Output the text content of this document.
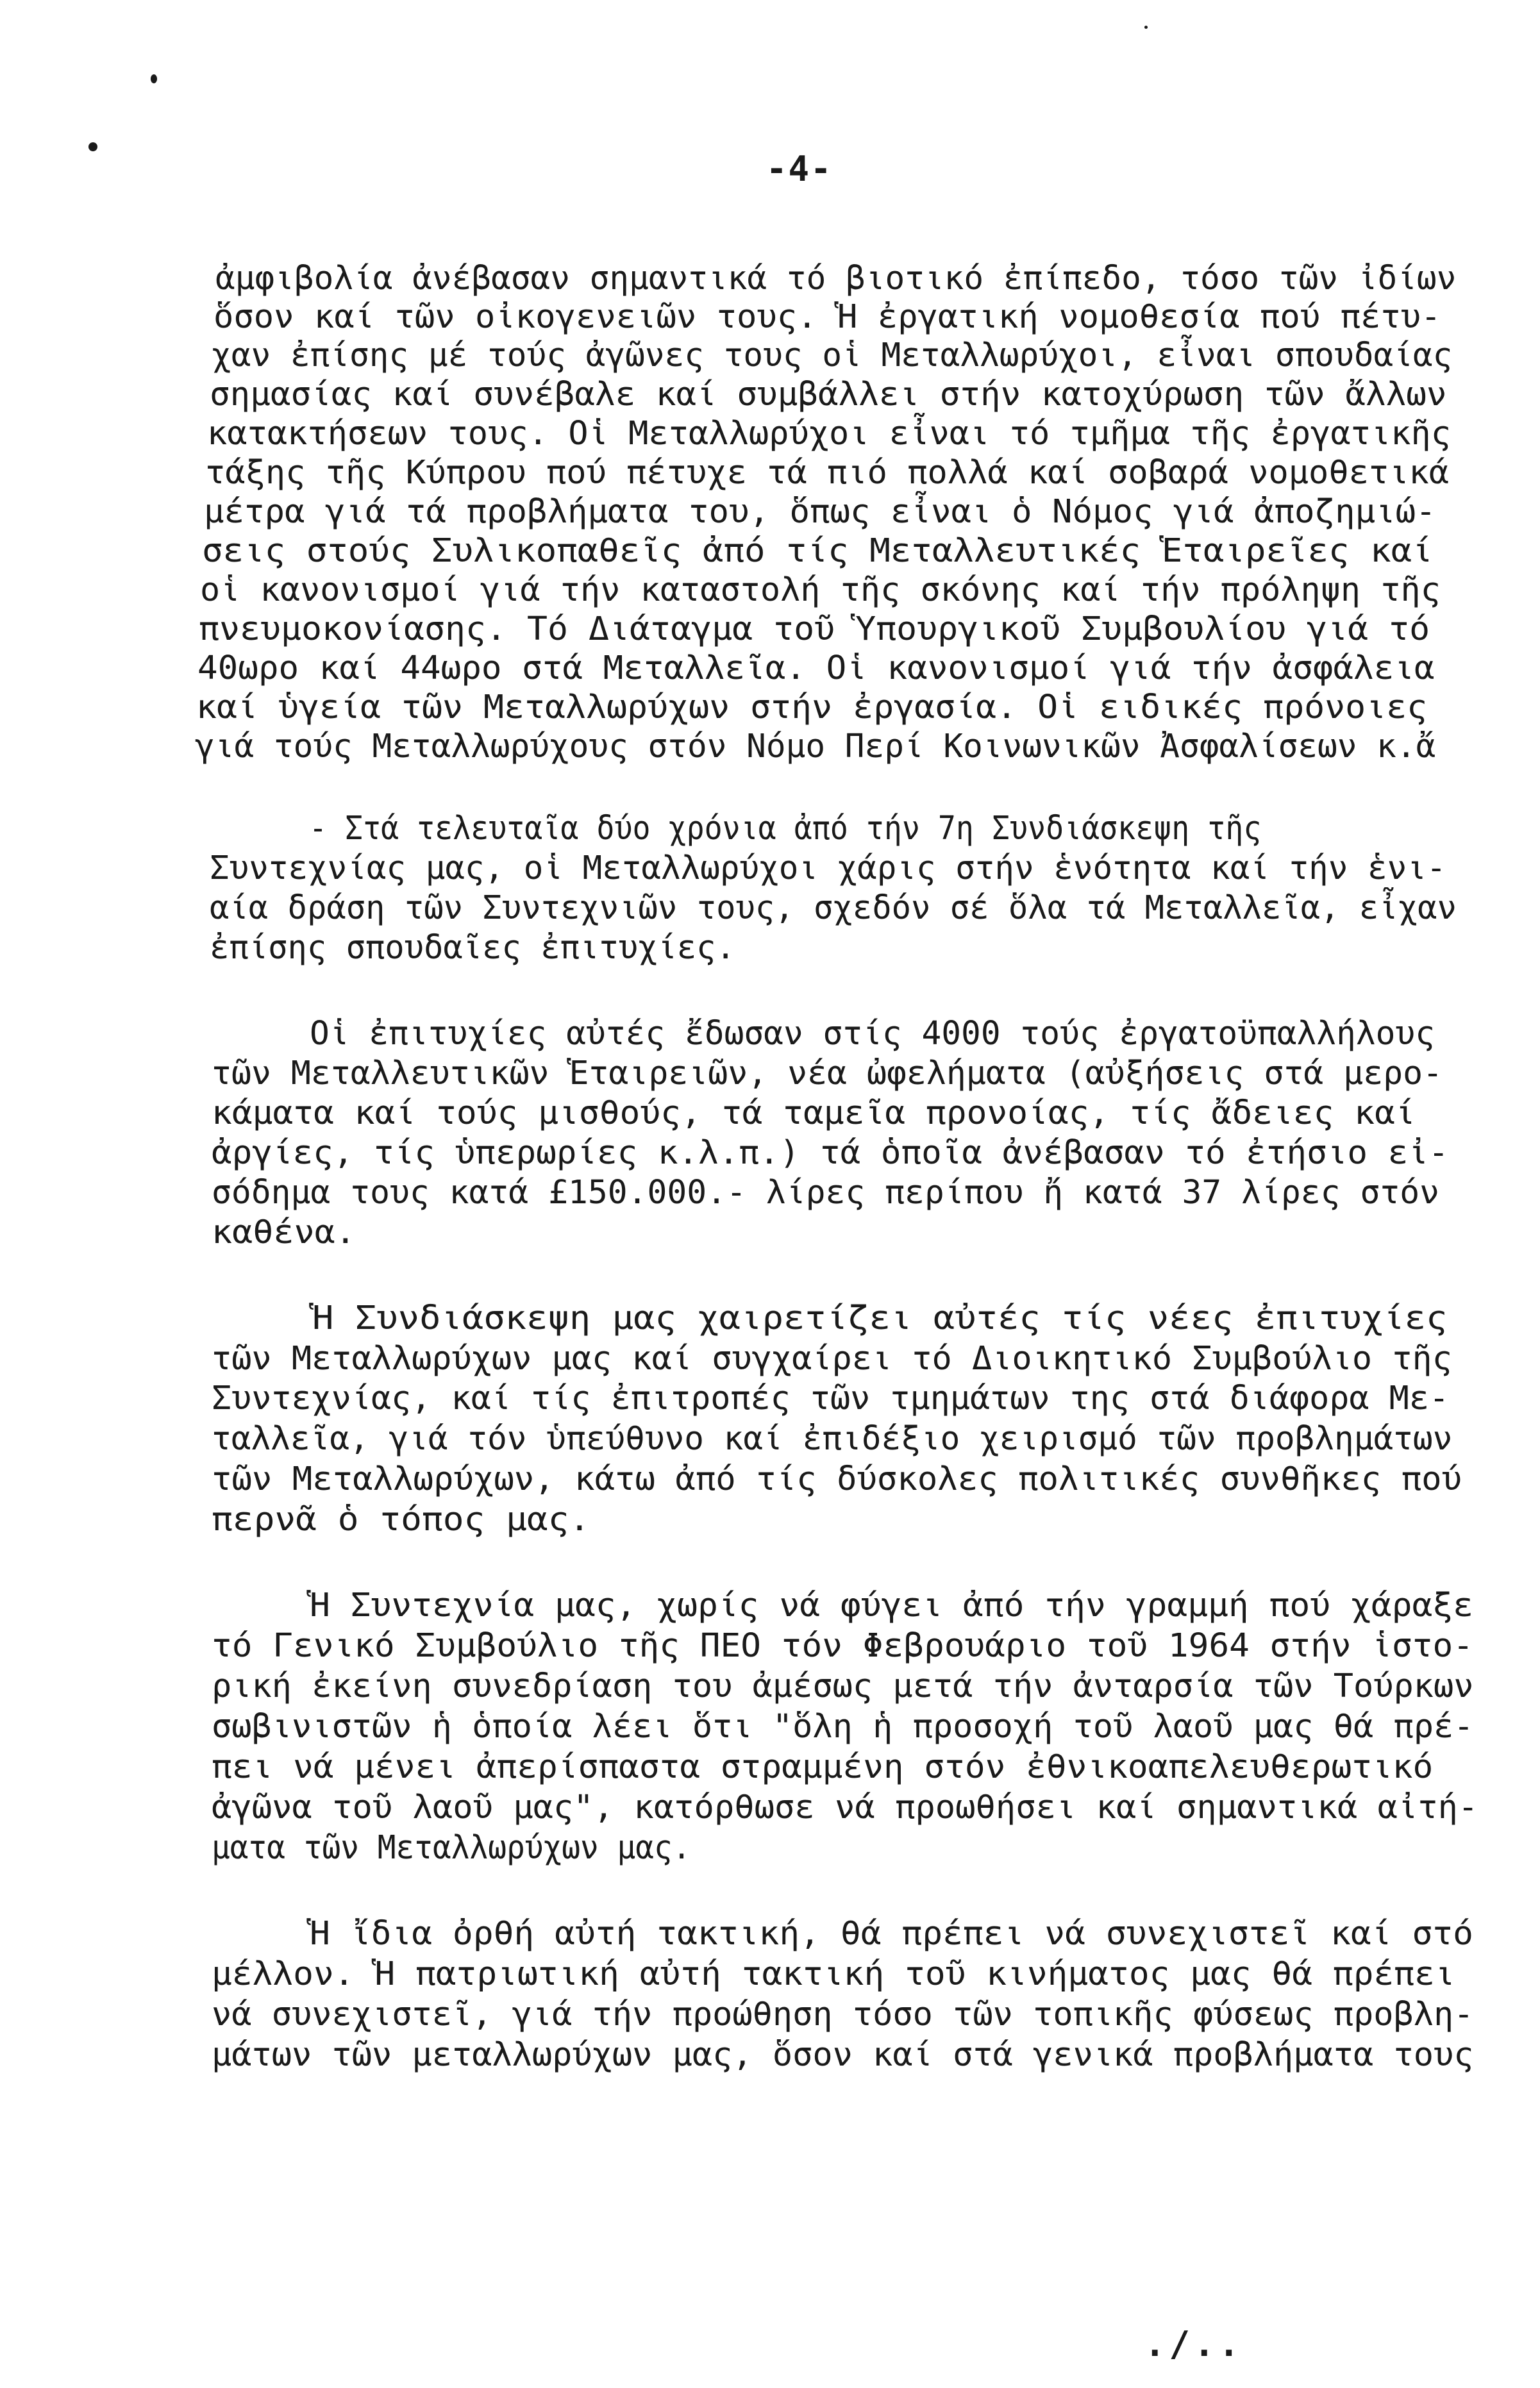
-4-
ἀμφιβολία ἀνέβασαν σημαντικά τό βιοτικό ἐπίπεδο, τόσο τῶν ἰδίων
ὅσον καί τῶν οἰκογενειῶν τους. Ἡ ἐργατική νομοθεσία πού πέτυ-
χαν ἐπίσης μέ τούς ἀγῶνες τους οἱ Μεταλλωρύχοι, εἶναι σπουδαίας
σημασίας καί συνέβαλε καί συμβάλλει στήν κατοχύρωση τῶν ἄλλων
κατακτήσεων τους. Οἱ Μεταλλωρύχοι εἶναι τό τμῆμα τῆς ἐργατικῆς
τάξης τῆς Κύπρου πού πέτυχε τά πιό πολλά καί σοβαρά νομοθετικά
μέτρα γιά τά προβλήματα του, ὅπως εἶναι ὁ Νόμος γιά ἀποζημιώ-
σεις στούς Συλικοπαθεῖς ἀπό τίς Μεταλλευτικές Ἑταιρεῖες καί
οἱ κανονισμοί γιά τήν καταστολή τῆς σκόνης καί τήν πρόληψη τῆς
πνευμοκονίασης. Τό Διάταγμα τοῦ Ὑπουργικοῦ Συμβουλίου γιά τό
40ωρο καί 44ωρο στά Μεταλλεῖα. Οἱ κανονισμοί γιά τήν ἀσφάλεια
καί ὑγεία τῶν Μεταλλωρύχων στήν ἐργασία. Οἱ ειδικές πρόνοιες
γιά τούς Μεταλλωρύχους στόν Νόμο Περί Κοινωνικῶν Ἀσφαλίσεων κ.ἄ
- Στά τελευταῖα δύο χρόνια ἀπό τήν 7η Συνδιάσκεψη τῆς
Συντεχνίας μας, οἱ Μεταλλωρύχοι χάρις στήν ἑνότητα καί τήν ἑνι-
αία δράση τῶν Συντεχνιῶν τους, σχεδόν σέ ὅλα τά Μεταλλεῖα, εἶχαν
ἐπίσης σπουδαῖες ἐπιτυχίες.
Οἱ ἐπιτυχίες αὐτές ἔδωσαν στίς 4000 τούς ἐργατοϋπαλλήλους
τῶν Μεταλλευτικῶν Ἑταιρειῶν, νέα ὠφελήματα (αὐξήσεις στά μερο-
κάματα καί τούς μισθούς, τά ταμεῖα προνοίας, τίς ἄδειες καί
ἀργίες, τίς ὑπερωρίες κ.λ.π.) τά ὁποῖα ἀνέβασαν τό ἐτήσιο εἰ-
σόδημα τους κατά £150.000.- λίρες περίπου ἤ κατά 37 λίρες στόν
καθένα.
Ἡ Συνδιάσκεψη μας χαιρετίζει αὐτές τίς νέες ἐπιτυχίες
τῶν Μεταλλωρύχων μας καί συγχαίρει τό Διοικητικό Συμβούλιο τῆς
Συντεχνίας, καί τίς ἐπιτροπές τῶν τμημάτων της στά διάφορα Με-
ταλλεῖα, γιά τόν ὑπεύθυνο καί ἐπιδέξιο χειρισμό τῶν προβλημάτων
τῶν Μεταλλωρύχων, κάτω ἀπό τίς δύσκολες πολιτικές συνθῆκες πού
περνᾶ ὁ τόπος μας.
Ἡ Συντεχνία μας, χωρίς νά φύγει ἀπό τήν γραμμή πού χάραξε
τό Γενικό Συμβούλιο τῆς ΠΕΟ τόν Φεβρουάριο τοῦ 1964 στήν ἱστο-
ρική ἐκείνη συνεδρίαση του ἀμέσως μετά τήν ἀνταρσία τῶν Τούρκων
σωβινιστῶν ἡ ὁποία λέει ὅτι "ὅλη ἡ προσοχή τοῦ λαοῦ μας θά πρέ-
πει νά μένει ἀπερίσπαστα στραμμένη στόν ἐθνικοαπελευθερωτικό
ἀγῶνα τοῦ λαοῦ μας", κατόρθωσε νά προωθήσει καί σημαντικά αἰτή-
ματα τῶν Μεταλλωρύχων μας.
Ἡ ἴδια ὀρθή αὐτή τακτική, θά πρέπει νά συνεχιστεῖ καί στό
μέλλον. Ἡ πατριωτική αὐτή τακτική τοῦ κινήματος μας θά πρέπει
νά συνεχιστεῖ, γιά τήν προώθηση τόσο τῶν τοπικῆς φύσεως προβλη-
μάτων τῶν μεταλλωρύχων μας, ὅσον καί στά γενικά προβλήματα τους
./..
